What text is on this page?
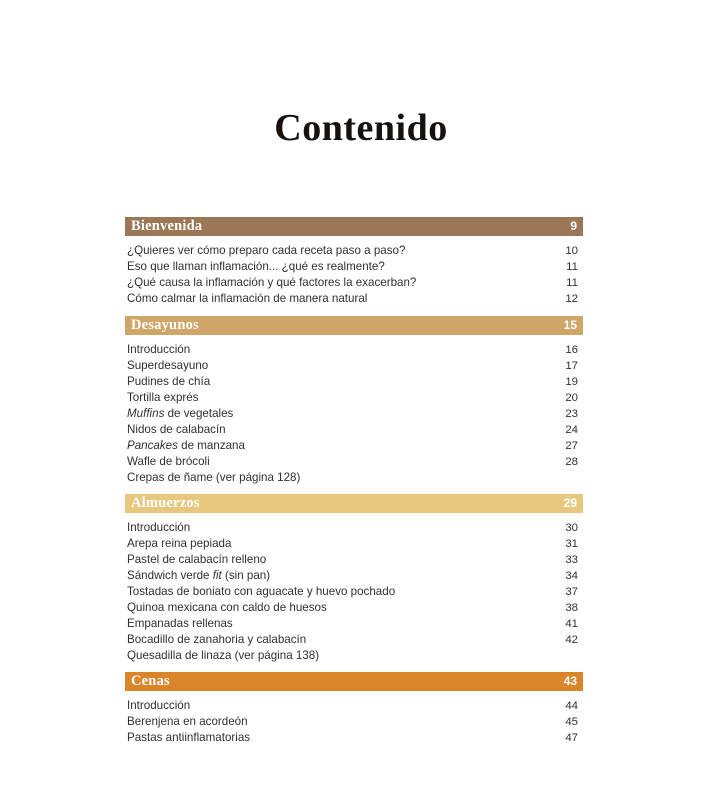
Contenido
Bienvenida	9
¿Quieres ver cómo preparo cada receta paso a paso?	10
Eso que llaman inflamación... ¿qué es realmente?	11
¿Qué causa la inflamación y qué factores la exacerban?	11
Cómo calmar la inflamación de manera natural	12
Desayunos	15
Introducción	16
Superdesayuno	17
Pudines de chía	19
Tortilla exprés	20
Muffins de vegetales	23
Nidos de calabacín	24
Pancakes de manzana	27
Wafle de brócoli	28
Crepas de ñame (ver página 128)
Almuerzos	29
Introducción	30
Arepa reina pepiada	31
Pastel de calabacín relleno	33
Sándwich verde fit (sin pan)	34
Tostadas de boniato con aguacate y huevo pochado	37
Quinoa mexicana con caldo de huesos	38
Empanadas rellenas	41
Bocadillo de zanahoria y calabacín	42
Quesadilla de linaza (ver página 138)
Cenas	43
Introducción	44
Berenjena en acordeón	45
Pastas antiinflamatorias	47
